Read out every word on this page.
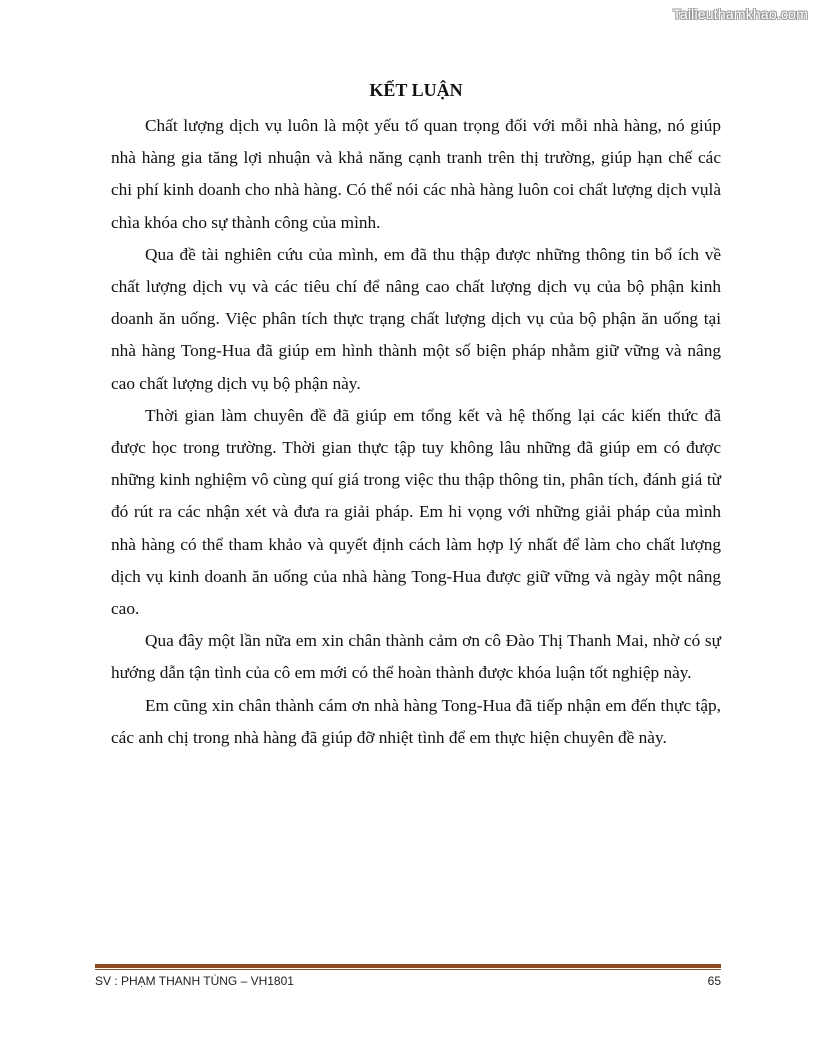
Tailieuthamkhao.com
KẾT LUẬN

Chất lượng dịch vụ luôn là một yếu tố quan trọng đối với mỗi nhà hàng, nó giúp nhà hàng gia tăng lợi nhuận và khả năng cạnh tranh trên thị trường, giúp hạn chế các chi phí kinh doanh cho nhà hàng. Có thể nói các nhà hàng luôn coi chất lượng dịch vụlà chìa khóa cho sự thành công của mình.

Qua đề tài nghiên cứu của mình, em đã thu thập được những thông tin bổ ích về chất lượng dịch vụ và các tiêu chí để nâng cao chất lượng dịch vụ của bộ phận kinh doanh ăn uống. Việc phân tích thực trạng chất lượng dịch vụ của bộ phận ăn uống tại nhà hàng Tong-Hua đã giúp em hình thành một số biện pháp nhằm giữ vững và nâng cao chất lượng dịch vụ bộ phận này.

Thời gian làm chuyên đề đã giúp em tổng kết và hệ thống lại các kiến thức đã được học trong trường. Thời gian thực tập tuy không lâu những đã giúp em có được những kinh nghiệm vô cùng quí giá trong việc thu thập thông tin, phân tích, đánh giá từ đó rút ra các nhận xét và đưa ra giải pháp. Em hi vọng với những giải pháp của mình nhà hàng có thể tham khảo và quyết định cách làm hợp lý nhất để làm cho chất lượng dịch vụ kinh doanh ăn uống của nhà hàng Tong-Hua được giữ vững và ngày một nâng cao.

Qua đây một lần nữa em xin chân thành cảm ơn cô Đào Thị Thanh Mai, nhờ có sự hướng dẫn tận tình của cô em mới có thể hoàn thành được khóa luận tốt nghiệp này.

Em cũng xin chân thành cám ơn nhà hàng Tong-Hua đã tiếp nhận em đến thực tập, các anh chị trong nhà hàng đã giúp đỡ nhiệt tình để em thực hiện chuyên đề này.

SV : PHẠM THANH TÙNG – VH1801	65
